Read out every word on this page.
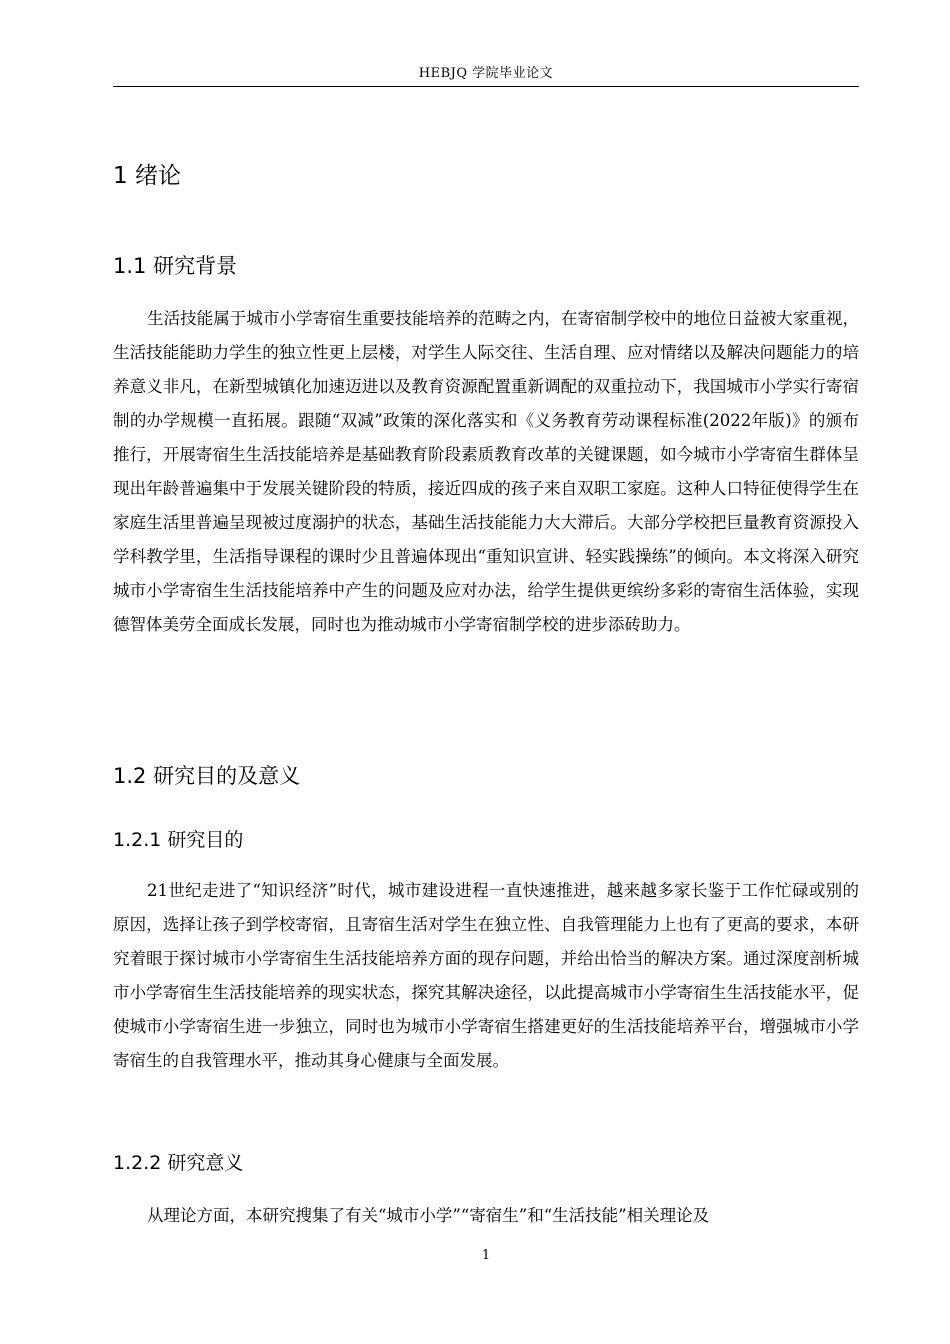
HEBJQ 学院毕业论文
1 绪论
1.1 研究背景

生活技能属于城市小学寄宿生重要技能培养的范畴之内，在寄宿制学校中的地位日益被大家重视，生活技能能助力学生的独立性更上层楼，对学生人际交往、生活自理、应对情绪以及解决问题能力的培养意义非凡，在新型城镇化加速迈进以及教育资源配置重新调配的双重拉动下，我国城市小学实行寄宿制的办学规模一直拓展。跟随“双减”政策的深化落实和《义务教育劳动课程标准(2022年版)》的颁布推行，开展寄宿生生活技能培养是基础教育阶段素质教育改革的关键课题，如今城市小学寄宿生群体呈现出年龄普遍集中于发展关键阶段的特质，接近四成的孩子来自双职工家庭。这种人口特征使得学生在家庭生活里普遍呈现被过度溺护的状态，基础生活技能能力大大滞后。大部分学校把巨量教育资源投入学科教学里，生活指导课程的课时少且普遍体现出“重知识宣讲、轻实践操练”的倾向。本文将深入研究城市小学寄宿生生活技能培养中产生的问题及应对办法，给学生提供更缤纷多彩的寄宿生活体验，实现德智体美劳全面成长发展，同时也为推动城市小学寄宿制学校的进步添砖助力。

1.2 研究目的及意义
1.2.1 研究目的

21世纪走进了“知识经济”时代，城市建设进程一直快速推进，越来越多家长鉴于工作忙碌或别的原因，选择让孩子到学校寄宿，且寄宿生活对学生在独立性、自我管理能力上也有了更高的要求，本研究着眼于探讨城市小学寄宿生生活技能培养方面的现存问题，并给出恰当的解决方案。通过深度剖析城市小学寄宿生生活技能培养的现实状态，探究其解决途径，以此提高城市小学寄宿生生活技能水平，促使城市小学寄宿生进一步独立，同时也为城市小学寄宿生搭建更好的生活技能培养平台，增强城市小学寄宿生的自我管理水平，推动其身心健康与全面发展。

1.2.2 研究意义

从理论方面，本研究搜集了有关“城市小学”“寄宿生”和“生活技能”相关理论及

1
